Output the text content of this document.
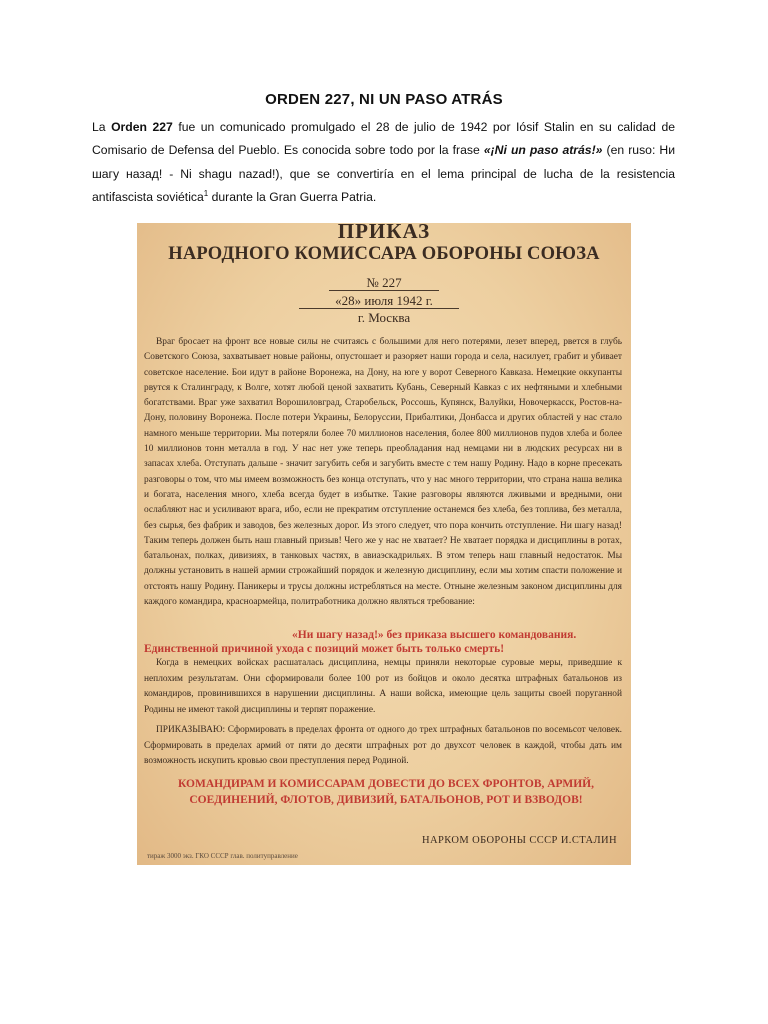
ORDEN 227, NI UN PASO ATRÁS

La Orden 227 fue un comunicado promulgado el 28 de julio de 1942 por Iósif Stalin en su calidad de Comisario de Defensa del Pueblo. Es conocida sobre todo por la frase «¡Ni un paso atrás!» (en ruso: Ни шагу назад! - Ni shagu nazad!), que se convertiría en el lema principal de lucha de la resistencia antifascista soviética$^1$ durante la Gran Guerra Patria.

ПРИКАЗ
НАРОДНОГО КОМИССАРА ОБОРОНЫ СОЮЗА
№ 227
«28» июля 1942 г.
г. Москва

Враг бросает на фронт все новые силы не считаясь с большими для него потерями, лезет вперед, рвется в глубь Советского Союза, захватывает новые районы, опустошает и разоряет наши города и села, насилует, грабит и убивает советское население. Бои идут в районе Воронежа, на Дону, на юге у ворот Северного Кавказа. Немецкие оккупанты рвутся к Сталинграду, к Волге, хотят любой ценой захватить Кубань, Северный Кавказ с их нефтяными и хлебными богатствами. Враг уже захватил Ворошиловград, Старобельск, Россошь, Купянск, Валуйки, Новочеркасск, Ростов-на-Дону, половину Воронежа. После потери Украины, Белоруссии, Прибалтики, Донбасса и других областей у нас стало намного меньше территории. Мы потеряли более 70 миллионов населения, более 800 миллионов пудов хлеба и более 10 миллионов тонн металла в год. У нас нет уже теперь преобладания над немцами ни в людских ресурсах ни в запасах хлеба. Отступать дальше - значит загубить себя и загубить вместе с тем нашу Родину. Надо в корне пресекать разговоры о том, что мы имеем возможность без конца отступать, что у нас много территории, что страна наша велика и богата, населения много, хлеба всегда будет в избытке. Такие разговоры являются лживыми и вредными, они ослабляют нас и усиливают врага, ибо, если не прекратим отступление останемся без хлеба, без топлива, без металла, без сырья, без фабрик и заводов, без железных дорог. Из этого следует, что пора кончить отступление. Ни шагу назад! Таким теперь должен быть наш главный призыв! Чего же у нас не хватает? Не хватает порядка и дисциплины в ротах, батальонах, полках, дивизиях, в танковых частях, в авиаэскадрильях. В этом теперь наш главный недостаток. Мы должны установить в нашей армии строжайший порядок и железную дисциплину, если мы хотим спасти положение и отстоять нашу Родину. Паникеры и трусы должны истребляться на месте. Отныне железным законом дисциплины для каждого командира, красноармейца, политработника должно являться требование:

«Ни шагу назад!» без приказа высшего командования.
Единственной причиной ухода с позиций может быть только смерть!

Когда в немецких войсках расшаталась дисциплина, немцы приняли некоторые суровые меры, приведшие к неплохим результатам. Они сформировали более 100 рот из бойцов и около десятка штрафных батальонов из командиров, провинившихся в нарушении дисциплины. А наши войска, имеющие цель защиты своей поруганной Родины не имеют такой дисциплины и терпят поражение.

ПРИКАЗЫВАЮ: Сформировать в пределах фронта от одного до трех штрафных батальонов по восемьсот человек. Сформировать в пределах армий от пяти до десяти штрафных рот до двухсот человек в каждой, чтобы дать им возможность искупить кровью свои преступления перед Родиной.

КОМАНДИРАМ И КОМИССАРАМ ДОВЕСТИ ДО ВСЕХ ФРОНТОВ, АРМИЙ, СОЕДИНЕНИЙ, ФЛОТОВ, ДИВИЗИЙ, БАТАЛЬОНОВ, РОТ И ВЗВОДОВ!

НАРКОМ ОБОРОНЫ СССР И.СТАЛИН
тираж 3000 экз. ГКО СССР глав. политуправление
